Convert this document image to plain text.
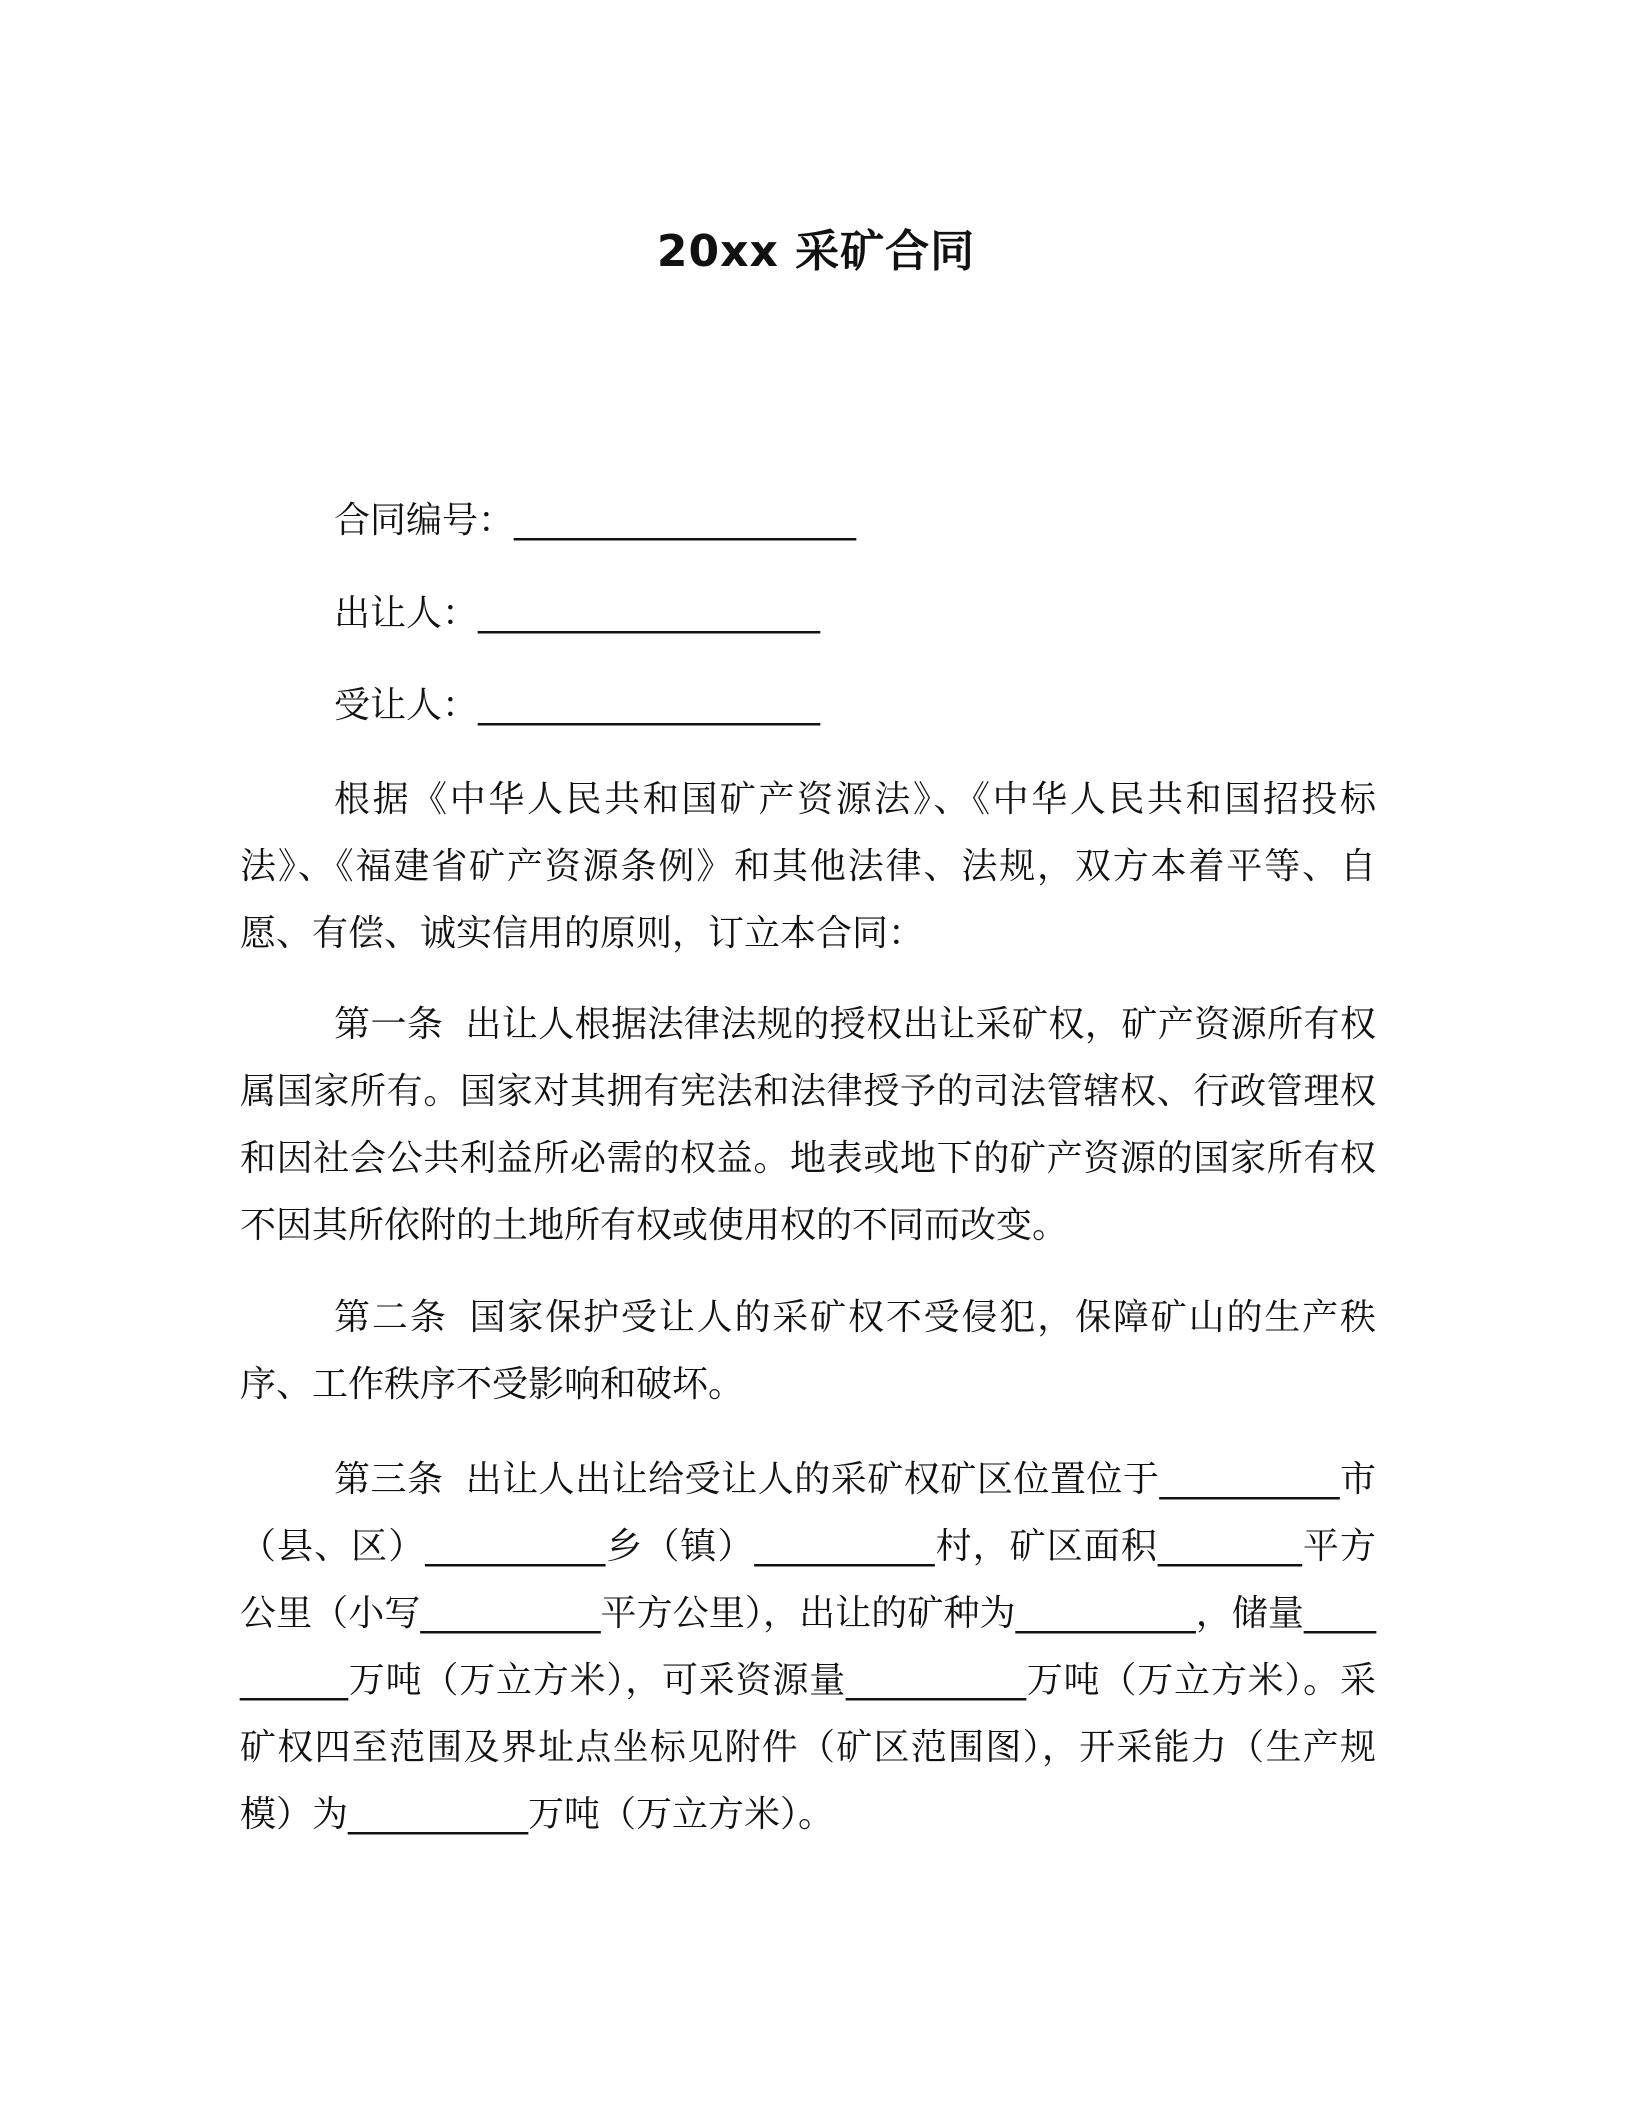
20xx 采矿合同
合同编号：___________________
出让人：___________________
受让人：___________________

根据《中华人民共和国矿产资源法》、《中华人民共和国招投标法》、《福建省矿产资源条例》和其他法律、法规，双方本着平等、自愿、有偿、诚实信用的原则，订立本合同：

第一条 出让人根据法律法规的授权出让采矿权，矿产资源所有权属国家所有。国家对其拥有宪法和法律授予的司法管辖权、行政管理权和因社会公共利益所必需的权益。地表或地下的矿产资源的国家所有权不因其所依附的土地所有权或使用权的不同而改变。

第二条 国家保护受让人的采矿权不受侵犯，保障矿山的生产秩序、工作秩序不受影响和破坏。

第三条 出让人出让给受让人的采矿权矿区位置位于__________市（县、区）__________乡（镇）__________村，矿区面积________平方公里（小写__________平方公里），出让的矿种为__________，储量__________万吨（万立方米），可采资源量__________万吨（万立方米）。采矿权四至范围及界址点坐标见附件（矿区范围图），开采能力（生产规模）为__________万吨（万立方米）。
